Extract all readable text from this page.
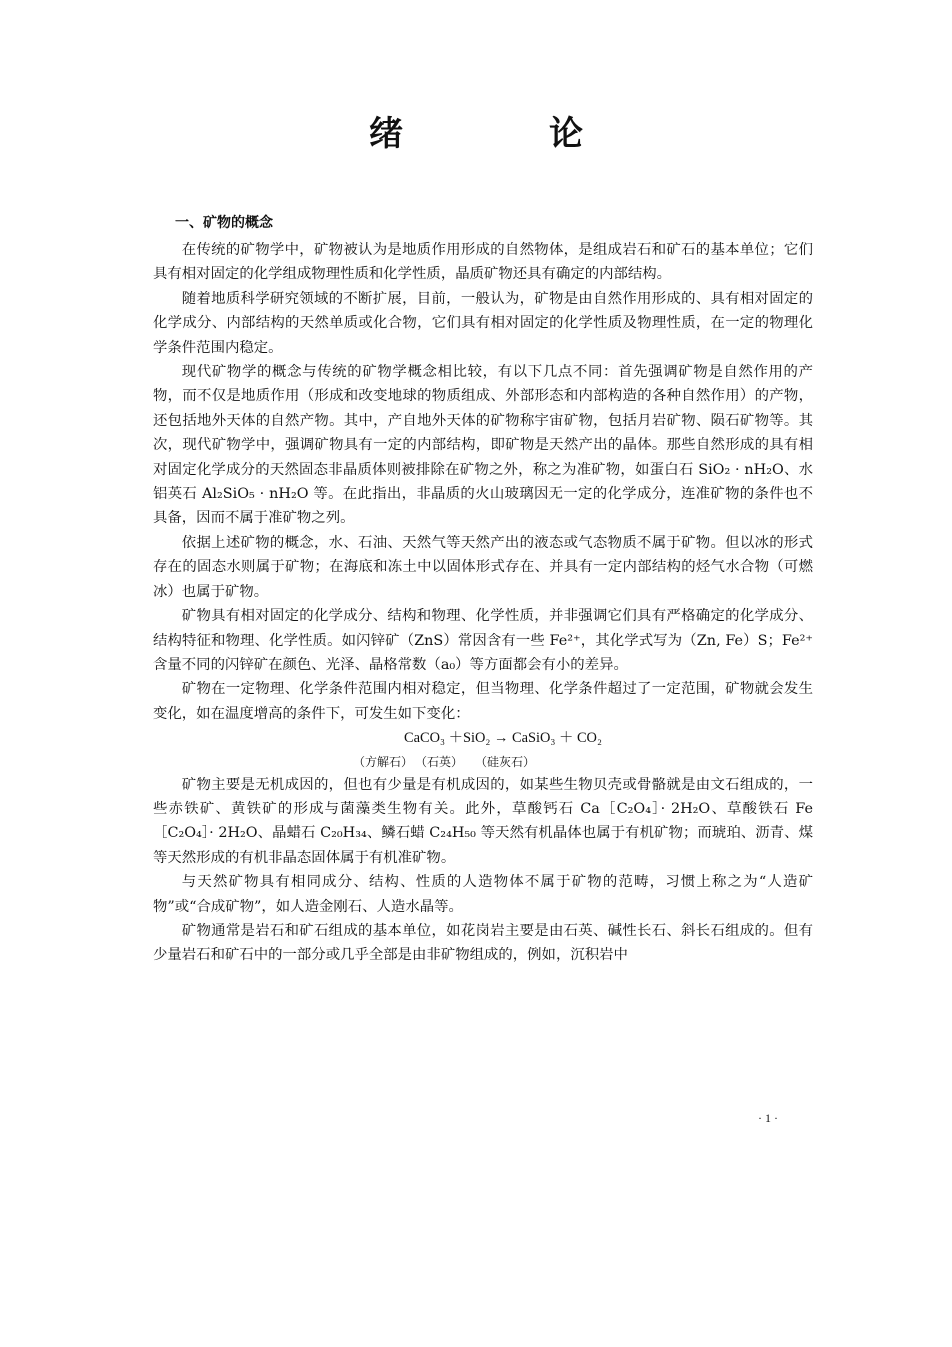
绪　论
一、矿物的概念

在传统的矿物学中，矿物被认为是地质作用形成的自然物体，是组成岩石和矿石的基本单位；它们具有相对固定的化学组成物理性质和化学性质，晶质矿物还具有确定的内部结构。

随着地质科学研究领域的不断扩展，目前，一般认为，矿物是由自然作用形成的、具有相对固定的化学成分、内部结构的天然单质或化合物，它们具有相对固定的化学性质及物理性质，在一定的物理化学条件范围内稳定。

现代矿物学的概念与传统的矿物学概念相比较，有以下几点不同：首先强调矿物是自然作用的产物，而不仅是地质作用（形成和改变地球的物质组成、外部形态和内部构造的各种自然作用）的产物，还包括地外天体的自然产物。其中，产自地外天体的矿物称宇宙矿物，包括月岩矿物、陨石矿物等。其次，现代矿物学中，强调矿物具有一定的内部结构，即矿物是天然产出的晶体。那些自然形成的具有相对固定化学成分的天然固态非晶质体则被排除在矿物之外，称之为准矿物，如蛋白石 SiO₂ · nH₂O、水铝英石 Al₂SiO₅ · nH₂O 等。在此指出，非晶质的火山玻璃因无一定的化学成分，连准矿物的条件也不具备，因而不属于准矿物之列。

依据上述矿物的概念，水、石油、天然气等天然产出的液态或气态物质不属于矿物。但以冰的形式存在的固态水则属于矿物；在海底和冻土中以固体形式存在、并具有一定内部结构的烃气水合物（可燃冰）也属于矿物。

矿物具有相对固定的化学成分、结构和物理、化学性质，并非强调它们具有严格确定的化学成分、结构特征和物理、化学性质。如闪锌矿（ZnS）常因含有一些 Fe²⁺，其化学式写为（Zn, Fe）S；Fe²⁺含量不同的闪锌矿在颜色、光泽、晶格常数（a₀）等方面都会有小的差异。

矿物在一定物理、化学条件范围内相对稳定，但当物理、化学条件超过了一定范围，矿物就会发生变化，如在温度增高的条件下，可发生如下变化：

CaCO₃ ＋SiO₂ → CaSiO₃ ＋ CO₂
（方解石） （石英） （硅灰石）

矿物主要是无机成因的，但也有少量是有机成因的，如某些生物贝壳或骨骼就是由文石组成的，一些赤铁矿、黄铁矿的形成与菌藻类生物有关。此外，草酸钙石 Ca［C₂O₄］· 2H₂O、草酸铁石 Fe［C₂O₄］· 2H₂O、晶蜡石 C₂₀H₃₄、鳞石蜡 C₂₄H₅₀ 等天然有机晶体也属于有机矿物；而琥珀、沥青、煤等天然形成的有机非晶态固体属于有机准矿物。

与天然矿物具有相同成分、结构、性质的人造物体不属于矿物的范畴，习惯上称之为“人造矿物”或“合成矿物”，如人造金刚石、人造水晶等。

矿物通常是岩石和矿石组成的基本单位，如花岗岩主要是由石英、碱性长石、斜长石组成的。但有少量岩石和矿石中的一部分或几乎全部是由非矿物组成的，例如，沉积岩中

· 1 ·
